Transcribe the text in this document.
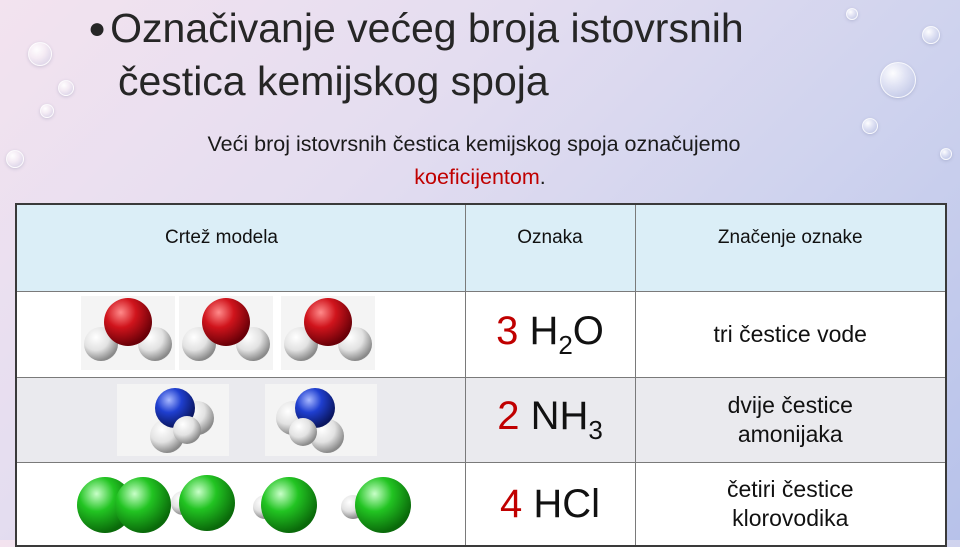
●Označivanje većeg broja istovrsnih
čestica kemijskog spoja
Veći broj istovrsnih čestica kemijskog spoja označujemo
koeficijentom.
Crtež modela	Oznaka	Značenje oznake

	3 $H_2O$	tri čestice vode

	2 $NH_3$	dvije čestice
amonijaka

	4 HCl	četiri čestice
klorovodika
